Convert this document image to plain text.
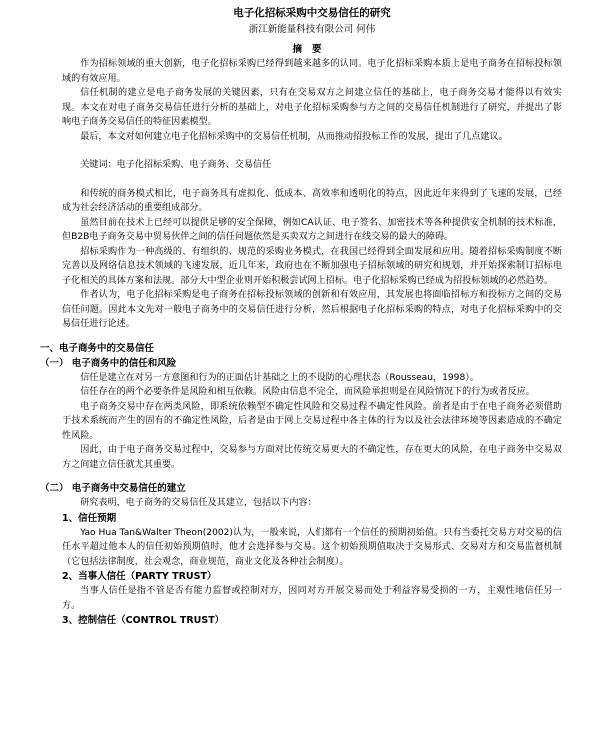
电子化招标采购中交易信任的研究
浙江新能量科技有限公司 何伟
摘要

作为招标领域的重大创新，电子化招标采购已经得到越来越多的认同。电子化招标采购本质上是电子商务在招标投标领域的有效应用。

信任机制的建立是电子商务发展的关键因素，只有在交易双方之间建立信任的基础上，电子商务交易才能得以有效实现。本文在对电子商务交易信任进行分析的基础上，对电子化招标采购参与方之间的交易信任机制进行了研究，并提出了影响电子商务交易信任的特征因素模型。

最后，本文对如何建立电子化招标采购中的交易信任机制，从而推动招投标工作的发展，提出了几点建议。

关键词：电子化招标采购、电子商务、交易信任

和传统的商务模式相比，电子商务具有虚拟化、低成本、高效率和透明化的特点，因此近年来得到了飞速的发展，已经成为社会经济活动的重要组成部分。

虽然目前在技术上已经可以提供足够的安全保障，例如CA认证、电子签名、加密技术等各种提供安全机制的技术标准，但B2B电子商务交易中贸易伙伴之间的信任问题依然是买卖双方之间进行在线交易的最大的障碍。

招标采购作为一种高级的、有组织的、规范的采购业务模式，在我国已经得到全面发展和应用。随着招标采购制度不断完善以及网络信息技术领域的飞速发展，近几年来，政府也在不断加强电子招标领域的研究和规划，并开始探索制订招标电子化相关的具体方案和法规。部分大中型企业则开始积极尝试网上招标。电子化招标采购已经成为招投标领域的必然趋势。

作者认为，电子化招标采购是电子商务在招标投标领域的创新和有效应用，其发展也将面临招标方和投标方之间的交易信任问题。因此本文先对一般电子商务中的交易信任进行分析，然后根据电子化招标采购的特点，对电子化招标采购中的交易信任进行论述。

一、电子商务中的交易信任
（一） 电子商务中的信任和风险

信任是建立在对另一方意图和行为的正面估计基础之上的不设防的心理状态（Rousseau，1998）。

信任存在的两个必要条件是风险和相互依赖。风险由信息不完全，而风险承担则是在风险情况下的行为或者反应。

电子商务交易中存在两类风险，即系统依赖型不确定性风险和交易过程不确定性风险。前者是由于在电子商务必须借助于技术系统而产生的固有的不确定性风险，后者是由于网上交易过程中各主体的行为以及社会法律环境等因素造成的不确定性风险。

因此，由于电子商务交易过程中，交易参与方面对比传统交易更大的不确定性，存在更大的风险，在电子商务中交易双方之间建立信任就尤其重要。

（二） 电子商务中交易信任的建立

研究表明，电子商务的交易信任及其建立，包括以下内容：

1、信任预期

Yao Hua Tan&Walter Theon(2002)认为，一般来说，人们都有一个信任的预期初始值。只有当委托交易方对交易的信任水平超过他本人的信任初始预期值时，他才会选择参与交易。这个初始预期值取决于交易形式、交易对方和交易监督机制（它包括法律制度，社会观念，商业规范，商业文化及各种社会制度）。

2、当事人信任（PARTY TRUST）

当事人信任是指不管是否有能力监督或控制对方，因同对方开展交易而处于利益容易受损的一方，主观性地信任另一方。

3、控制信任（CONTROL TRUST）
